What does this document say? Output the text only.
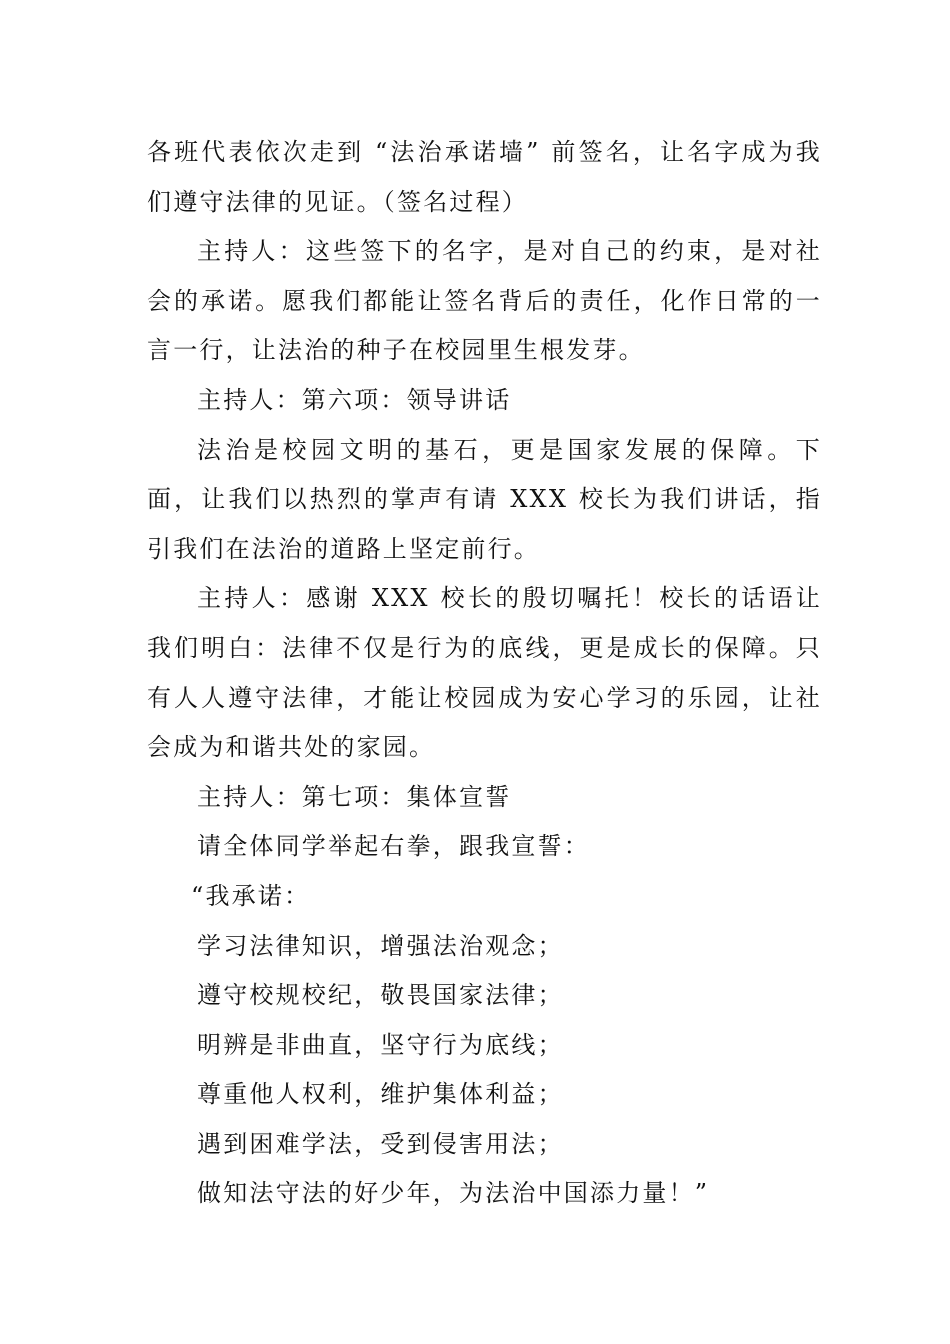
各班代表依次走到 “法治承诺墙” 前签名，让名字成为我们遵守法律的见证。（签名过程）

主持人：这些签下的名字，是对自己的约束，是对社会的承诺。愿我们都能让签名背后的责任，化作日常的一言一行，让法治的种子在校园里生根发芽。

主持人：第六项：领导讲话

法治是校园文明的基石，更是国家发展的保障。下面，让我们以热烈的掌声有请 XXX 校长为我们讲话，指引我们在法治的道路上坚定前行。

主持人：感谢 XXX 校长的殷切嘱托！校长的话语让我们明白：法律不仅是行为的底线，更是成长的保障。只有人人遵守法律，才能让校园成为安心学习的乐园，让社会成为和谐共处的家园。

主持人：第七项：集体宣誓

请全体同学举起右拳，跟我宣誓：

“我承诺：

学习法律知识，增强法治观念；

遵守校规校纪，敬畏国家法律；

明辨是非曲直，坚守行为底线；

尊重他人权利，维护集体利益；

遇到困难学法，受到侵害用法；

做知法守法的好少年，为法治中国添力量！”
